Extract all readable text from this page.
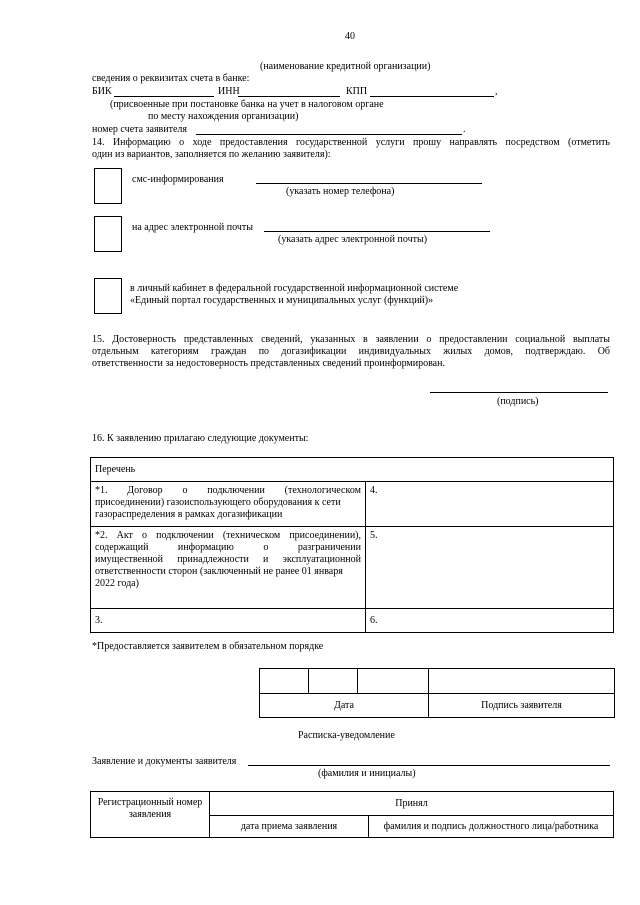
40
(наименование кредитной организации)
сведения о реквизитах счета в банке:
БИК	ИНН	КПП	,
(присвоенные при постановке банка на учет в налоговом органе
по месту нахождения организации)
номер счета заявителя	.
14. Информацию о ходе предоставления государственной услуги прошу направлять посредством (отметить
один из вариантов, заполняется по желанию заявителя):
смс-информирования
(указать номер телефона)
на адрес электронной почты
(указать адрес электронной почты)
в личный кабинет в федеральной государственной информационной системе
«Единый портал государственных и муниципальных услуг (функций)»
15. Достоверность представленных сведений, указанных в заявлении о предоставлении социальной выплаты
отдельным категориям граждан по догазификации индивидуальных жилых домов, подтверждаю. Об
ответственности за недостоверность представленных сведений проинформирован.
(подпись)
16. К заявлению прилагаю следующие документы:
Перечень	

*1. Договор о подключении (технологическом
присоединении) газоиспользующего оборудования к сети
газораспределения в рамках догазификации	4.

*2. Акт о подключении (техническом присоединении),
содержащий информацию о разграничении
имущественной принадлежности и эксплуатационной
ответственности сторон (заключенный не ранее 01 января
2022 года)	5.
3.	6.
*Предоставляется заявителем в обязательном порядке

Дата			Подпись заявителя
Расписка-уведомление
Заявление и документы заявителя
(фамилия и инициалы)
Регистрационный номер заявления	Принял	
	дата приема заявления	фамилия и подпись должностного лица/работника
